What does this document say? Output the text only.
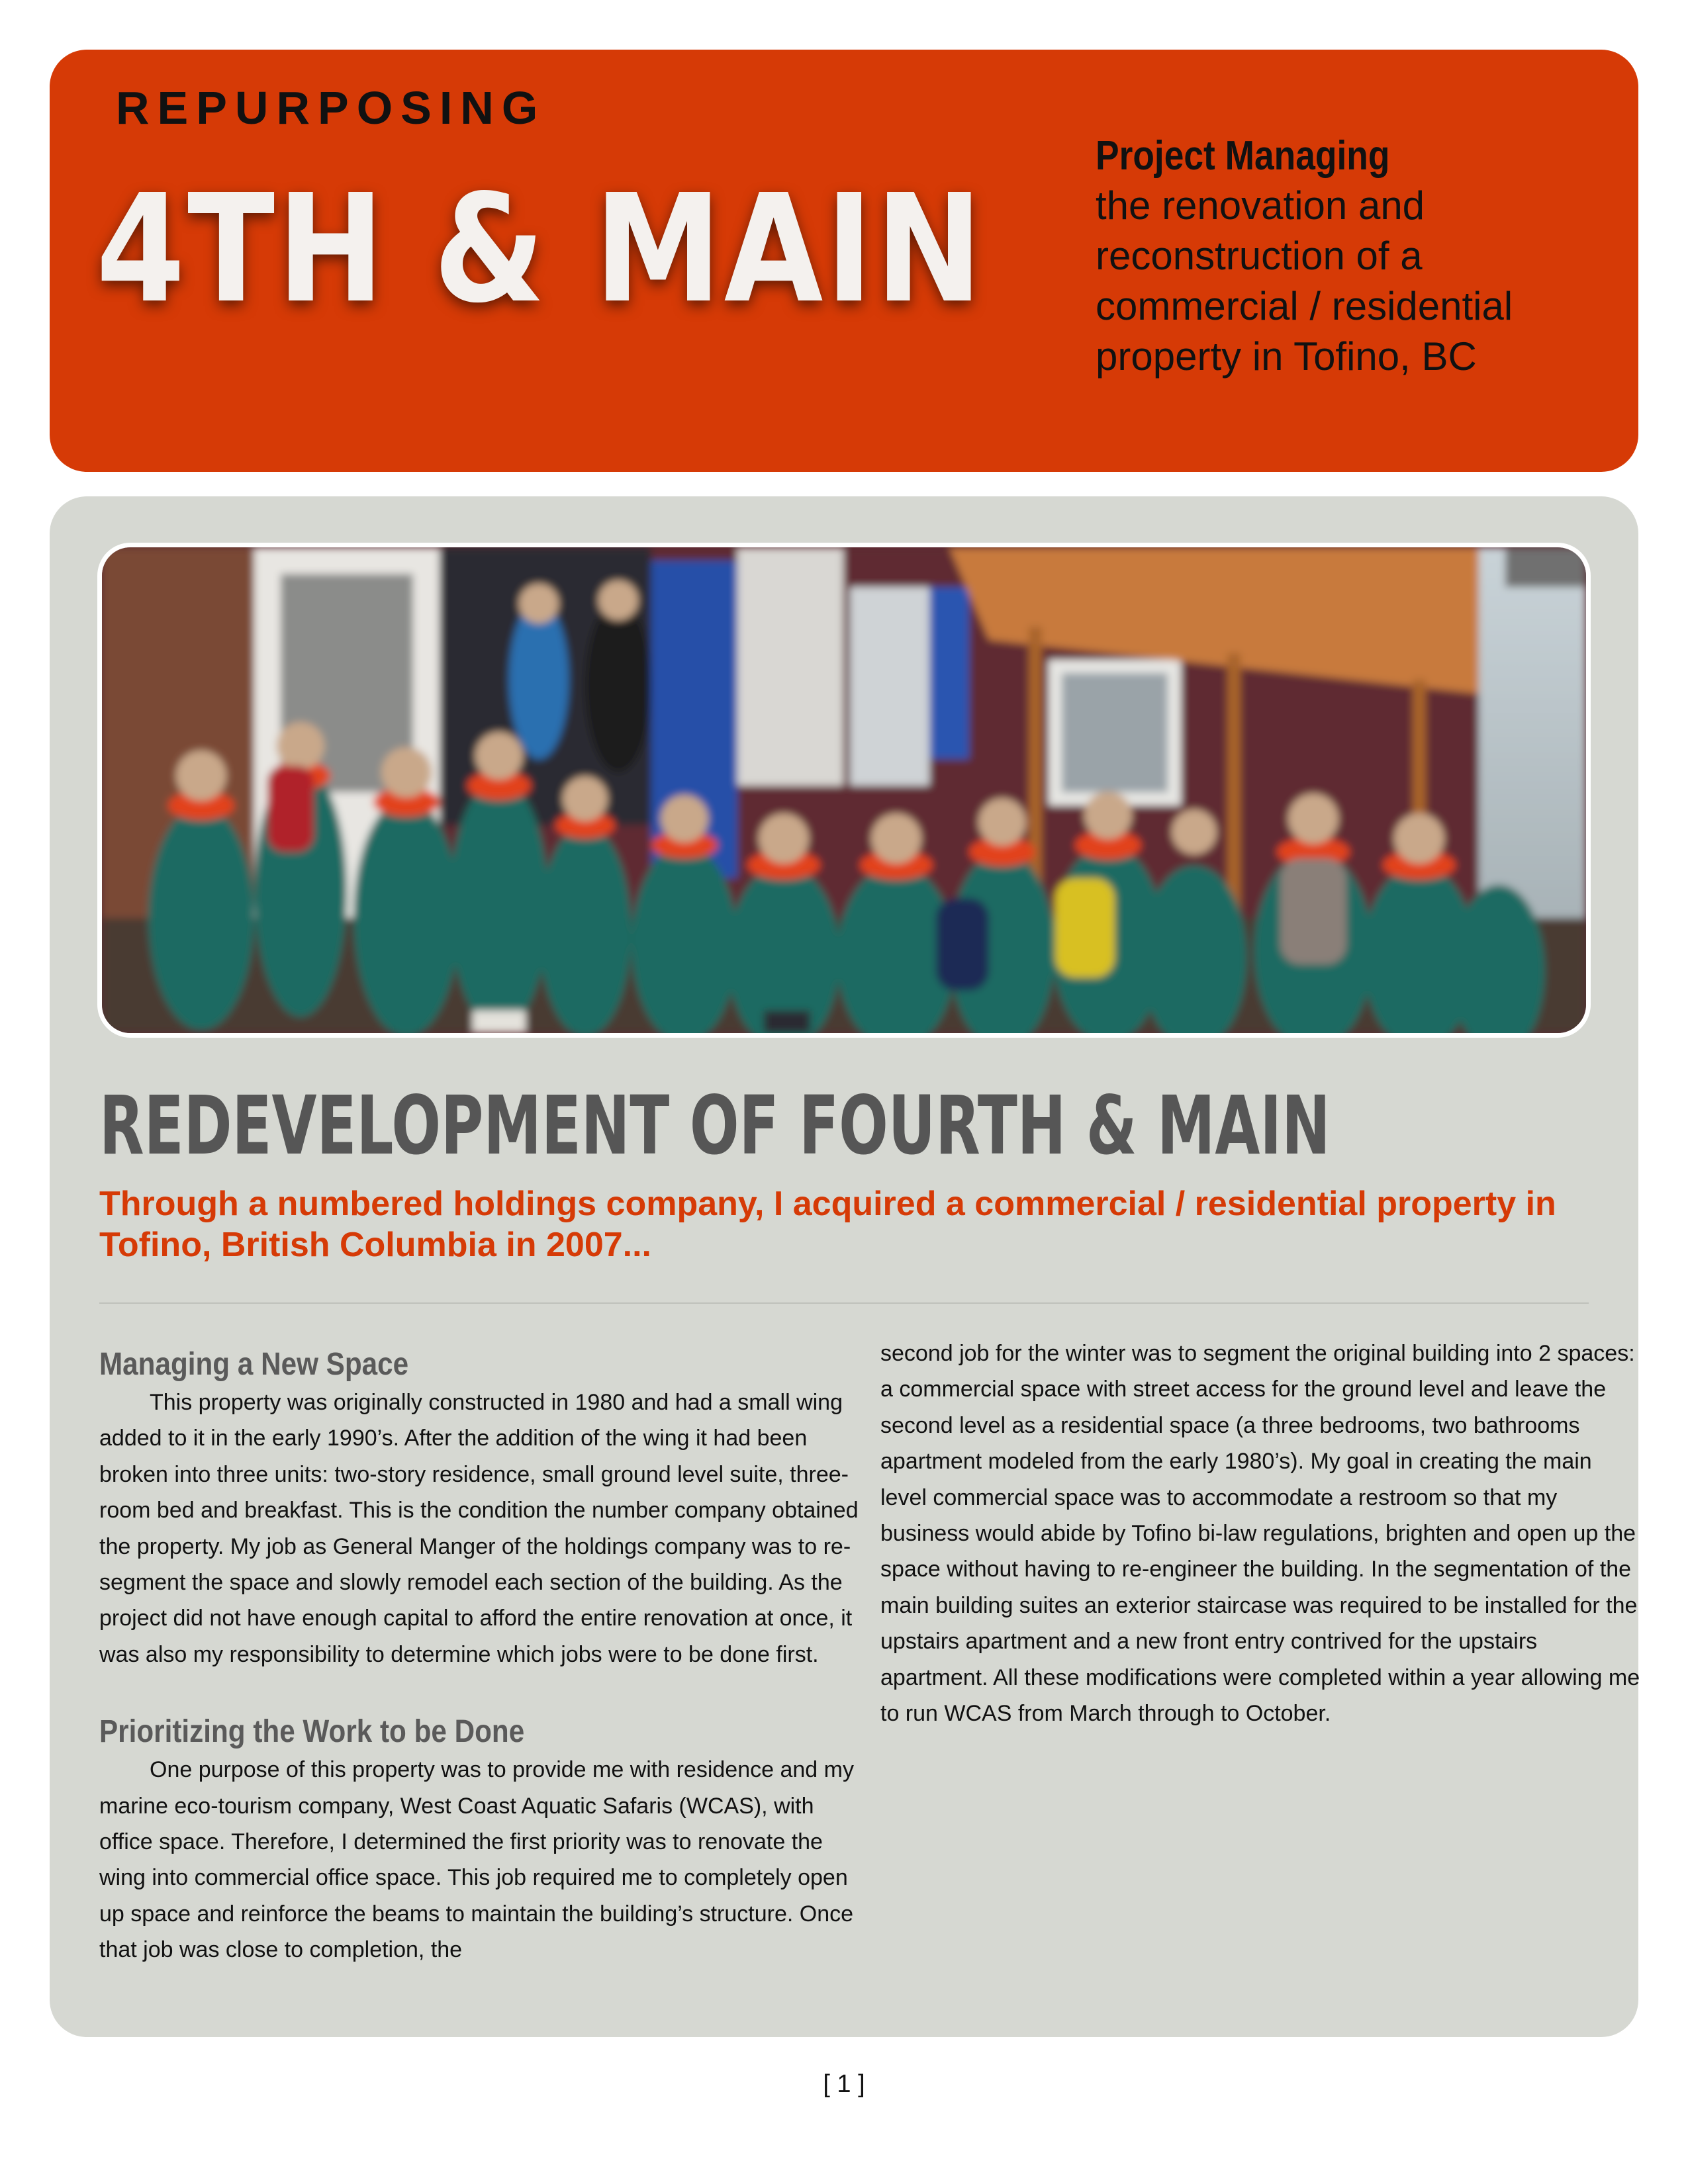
REPURPOSING
4TH & MAIN
Project Managing
the renovation and reconstruction of a commercial / residential property in Tofino, BC
REDEVELOPMENT OF FOURTH & MAIN
Through a numbered holdings company, I acquired a commercial / residential property in Tofino, British Columbia in 2007...
Managing a New Space

This property was originally constructed in 1980 and had a small wing added to it in the early 1990’s. After the addition of the wing it had been broken into three units: two-story residence, small ground level suite, three-room bed and breakfast. This is the condition the number company obtained the property. My job as General Manger of the holdings company was to re-segment the space and slowly remodel each section of the building. As the project did not have enough capital to afford the entire renovation at once, it was also my responsibility to determine which jobs were to be done first.

Prioritizing the Work to be Done

One purpose of this property was to provide me with residence and my marine eco-tourism company, West Coast Aquatic Safaris (WCAS), with office space. Therefore, I determined the first priority was to renovate the wing into commercial office space. This job required me to completely open up space and reinforce the beams to maintain the building’s structure. Once that job was close to completion, the

second job for the winter was to segment the original building into 2 spaces: a commercial space with street access for the ground level and leave the second level as a residential space (a three bedrooms, two bathrooms apartment modeled from the early 1980’s). My goal in creating the main level commercial space was to accommodate a restroom so that my business would abide by Tofino bi-law regulations, brighten and open up the space without having to re-engineer the building. In the segmentation of the main building suites an exterior staircase was required to be installed for the upstairs apartment and a new front entry contrived for the upstairs apartment. All these modifications were completed within a year allowing me to run WCAS from March through to October.

[ 1 ]
